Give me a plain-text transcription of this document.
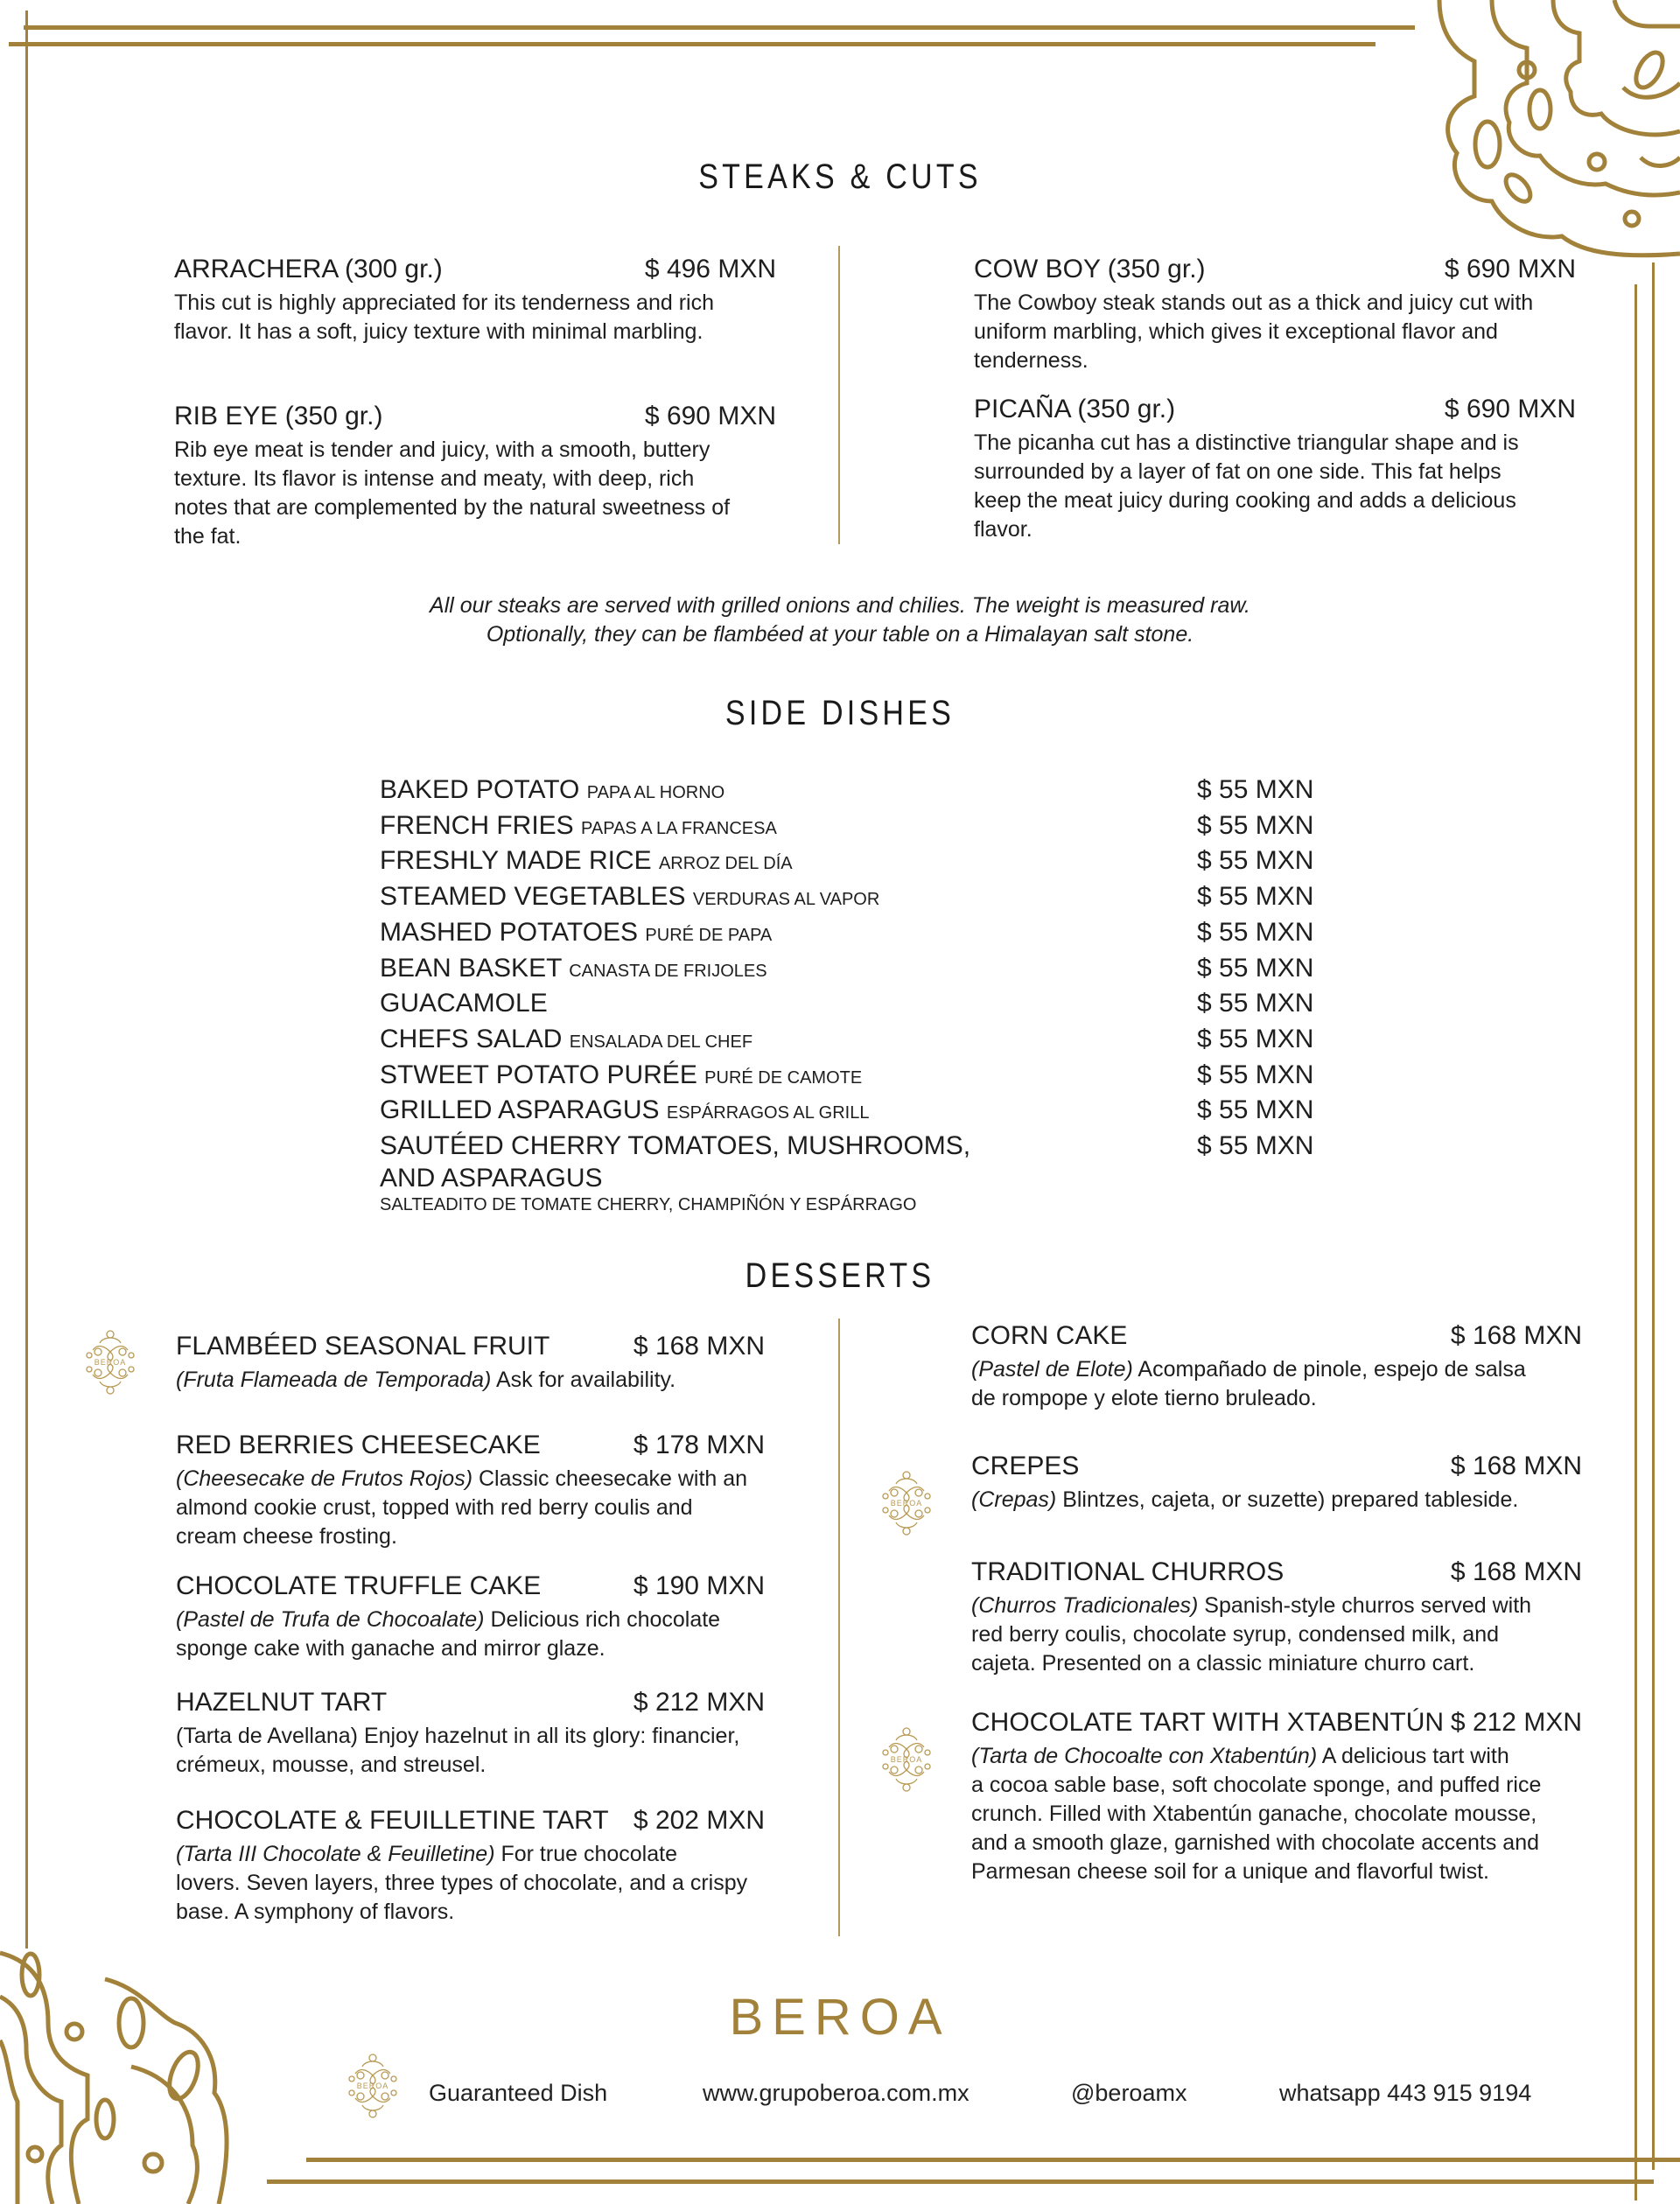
STEAKS & CUTS
ARRACHERA (300 gr.)	$ 496 MXN
This cut is highly appreciated for its tenderness and rich
flavor. It has a soft, juicy texture with minimal marbling.
RIB EYE (350 gr.)	$ 690 MXN
Rib eye meat is tender and juicy, with a smooth, buttery
texture. Its flavor is intense and meaty, with deep, rich
notes that are complemented by the natural sweetness of
the fat.
COW BOY (350 gr.)	$ 690 MXN
The Cowboy steak stands out as a thick and juicy cut with
uniform marbling, which gives it exceptional flavor and
tenderness.
PICAÑA (350 gr.)	$ 690 MXN
The picanha cut has a distinctive triangular shape and is
surrounded by a layer of fat on one side. This fat helps
keep the meat juicy during cooking and adds a delicious
flavor.
All our steaks are served with grilled onions and chilies. The weight is measured raw.
Optionally, they can be flambéed at your table on a Himalayan salt stone.
SIDE DISHES
BAKED POTATO PAPA AL HORNO	$ 55 MXN
FRENCH FRIES PAPAS A LA FRANCESA	$ 55 MXN
FRESHLY MADE RICE ARROZ DEL DÍA	$ 55 MXN
STEAMED VEGETABLES VERDURAS AL VAPOR	$ 55 MXN
MASHED POTATOES PURÉ DE PAPA	$ 55 MXN
BEAN BASKET CANASTA DE FRIJOLES	$ 55 MXN
GUACAMOLE	$ 55 MXN
CHEFS SALAD ENSALADA DEL CHEF	$ 55 MXN
STWEET POTATO PURÉE PURÉ DE CAMOTE	$ 55 MXN
GRILLED ASPARAGUS ESPÁRRAGOS AL GRILL	$ 55 MXN
SAUTÉED CHERRY TOMATOES, MUSHROOMS,
AND ASPARAGUS
SALTEADITO DE TOMATE CHERRY, CHAMPIÑÓN Y ESPÁRRAGO
$ 55 MXN
DESSERTS
FLAMBÉED SEASONAL FRUIT	$ 168 MXN
(Fruta Flameada de Temporada) Ask for availability.
BEROA
RED BERRIES CHEESECAKE	$ 178 MXN
(Cheesecake de Frutos Rojos) Classic cheesecake with an
almond cookie crust, topped with red berry coulis and
cream cheese frosting.
CHOCOLATE TRUFFLE CAKE	$ 190 MXN
(Pastel de Trufa de Chocoalate) Delicious rich chocolate
sponge cake with ganache and mirror glaze.
HAZELNUT TART	$ 212 MXN
(Tarta de Avellana) Enjoy hazelnut in all its glory: financier,
crémeux, mousse, and streusel.
CHOCOLATE & FEUILLETINE TART $ 202 MXN
(Tarta III Chocolate & Feuilletine) For true chocolate
lovers. Seven layers, three types of chocolate, and a crispy
base. A symphony of flavors.
CORN CAKE	$ 168 MXN
(Pastel de Elote) Acompañado de pinole, espejo de salsa
de rompope y elote tierno bruleado.
CREPES	$ 168 MXN
(Crepas) Blintzes, cajeta, or suzette) prepared tableside.
BEROA
TRADITIONAL CHURROS	$ 168 MXN
(Churros Tradicionales) Spanish-style churros served with
red berry coulis, chocolate syrup, condensed milk, and
cajeta. Presented on a classic miniature churro cart.
CHOCOLATE TART WITH XTABENTÚN $ 212 MXN
(Tarta de Chocoalte con Xtabentún) A delicious tart with
a cocoa sable base, soft chocolate sponge, and puffed rice
crunch. Filled with Xtabentún ganache, chocolate mousse,
and a smooth glaze, garnished with chocolate accents and
Parmesan cheese soil for a unique and flavorful twist.
BEROA
BEROA
BEROA Guaranteed Dish	www.grupoberoa.com.mx	@beroamx	whatsapp 443 915 9194
